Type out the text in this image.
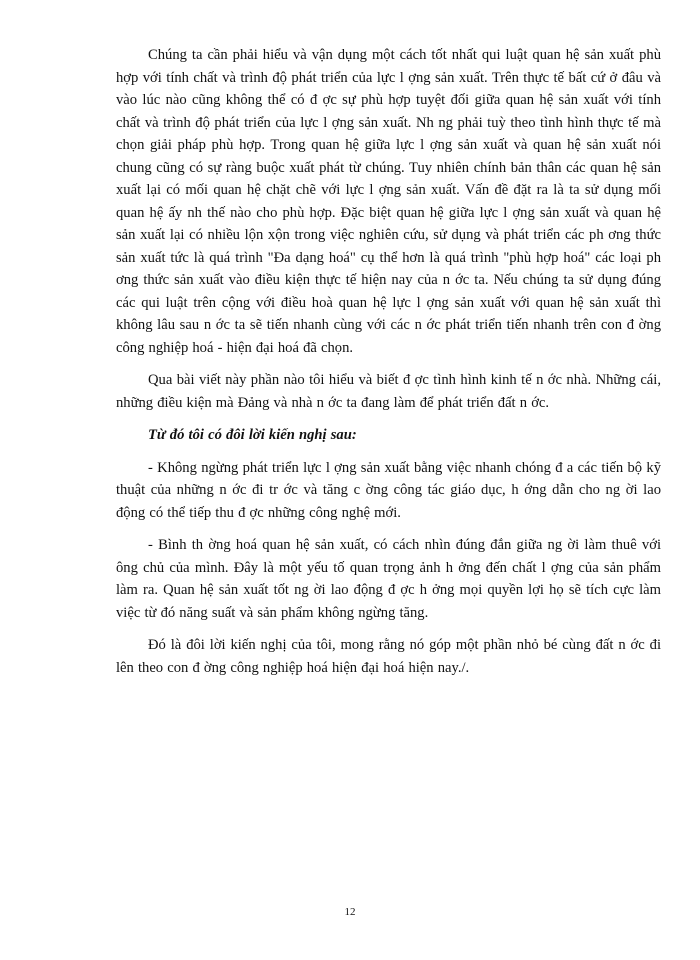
Chúng ta cần phải hiểu và vận dụng một cách tốt nhất qui luật quan hệ sản xuất phù hợp với tính chất và trình độ phát triển của lực l ợng sản xuất. Trên thực tế bất cứ ở đâu và vào lúc nào cũng không thể có đ ợc sự phù hợp tuyệt đối giữa quan hệ sản xuất với tính chất và trình độ phát triển của lực l ợng sản xuất. Nh ng phải tuỳ theo tình hình thực tế mà chọn giải pháp phù hợp. Trong quan hệ giữa lực l ợng sản xuất và quan hệ sản xuất nói chung cũng có sự ràng buộc xuất phát từ chúng. Tuy nhiên chính bản thân các quan hệ sản xuất lại có mối quan hệ chặt chẽ với lực l ợng sản xuất. Vấn đề đặt ra là ta sử dụng mối quan hệ ấy nh thế nào cho phù hợp. Đặc biệt quan hệ giữa lực l ợng sản xuất và quan hệ sản xuất lại có nhiều lộn xộn trong việc nghiên cứu, sử dụng và phát triển các ph ơng thức sản xuất tức là quá trình "Đa dạng hoá" cụ thể hơn là quá trình "phù hợp hoá" các loại ph ơng thức sản xuất vào điều kiện thực tế hiện nay của n ớc ta. Nếu chúng ta sử dụng đúng các qui luật trên cộng với điều hoà quan hệ lực l ợng sản xuất với quan hệ sản xuất thì không lâu sau n ớc ta sẽ tiến nhanh cùng với các n ớc phát triển tiến nhanh trên con đ ờng công nghiệp hoá - hiện đại hoá đã chọn.

Qua bài viết này phần nào tôi hiểu và biết đ ợc tình hình kinh tế n ớc nhà. Những cái, những điều kiện mà Đảng và nhà n ớc ta đang làm để phát triển đất n ớc.

Từ đó tôi có đôi lời kiến nghị sau:

- Không ngừng phát triển lực l ợng sản xuất bằng việc nhanh chóng đ a các tiến bộ kỹ thuật của những n ớc đi tr ớc và tăng c ờng công tác giáo dục, h ớng dẫn cho ng ời lao động có thể tiếp thu đ ợc những công nghệ mới.

- Bình th ờng hoá quan hệ sản xuất, có cách nhìn đúng đắn giữa ng ời làm thuê với ông chủ của mình. Đây là một yếu tố quan trọng ảnh h ởng đến chất l ợng của sản phẩm làm ra. Quan hệ sản xuất tốt ng ời lao động đ ợc h ởng mọi quyền lợi họ sẽ tích cực làm việc từ đó năng suất và sản phẩm không ngừng tăng.

Đó là đôi lời kiến nghị của tôi, mong rằng nó góp một phần nhỏ bé cùng đất n ớc đi lên theo con đ ờng công nghiệp hoá hiện đại hoá hiện nay./.

12
